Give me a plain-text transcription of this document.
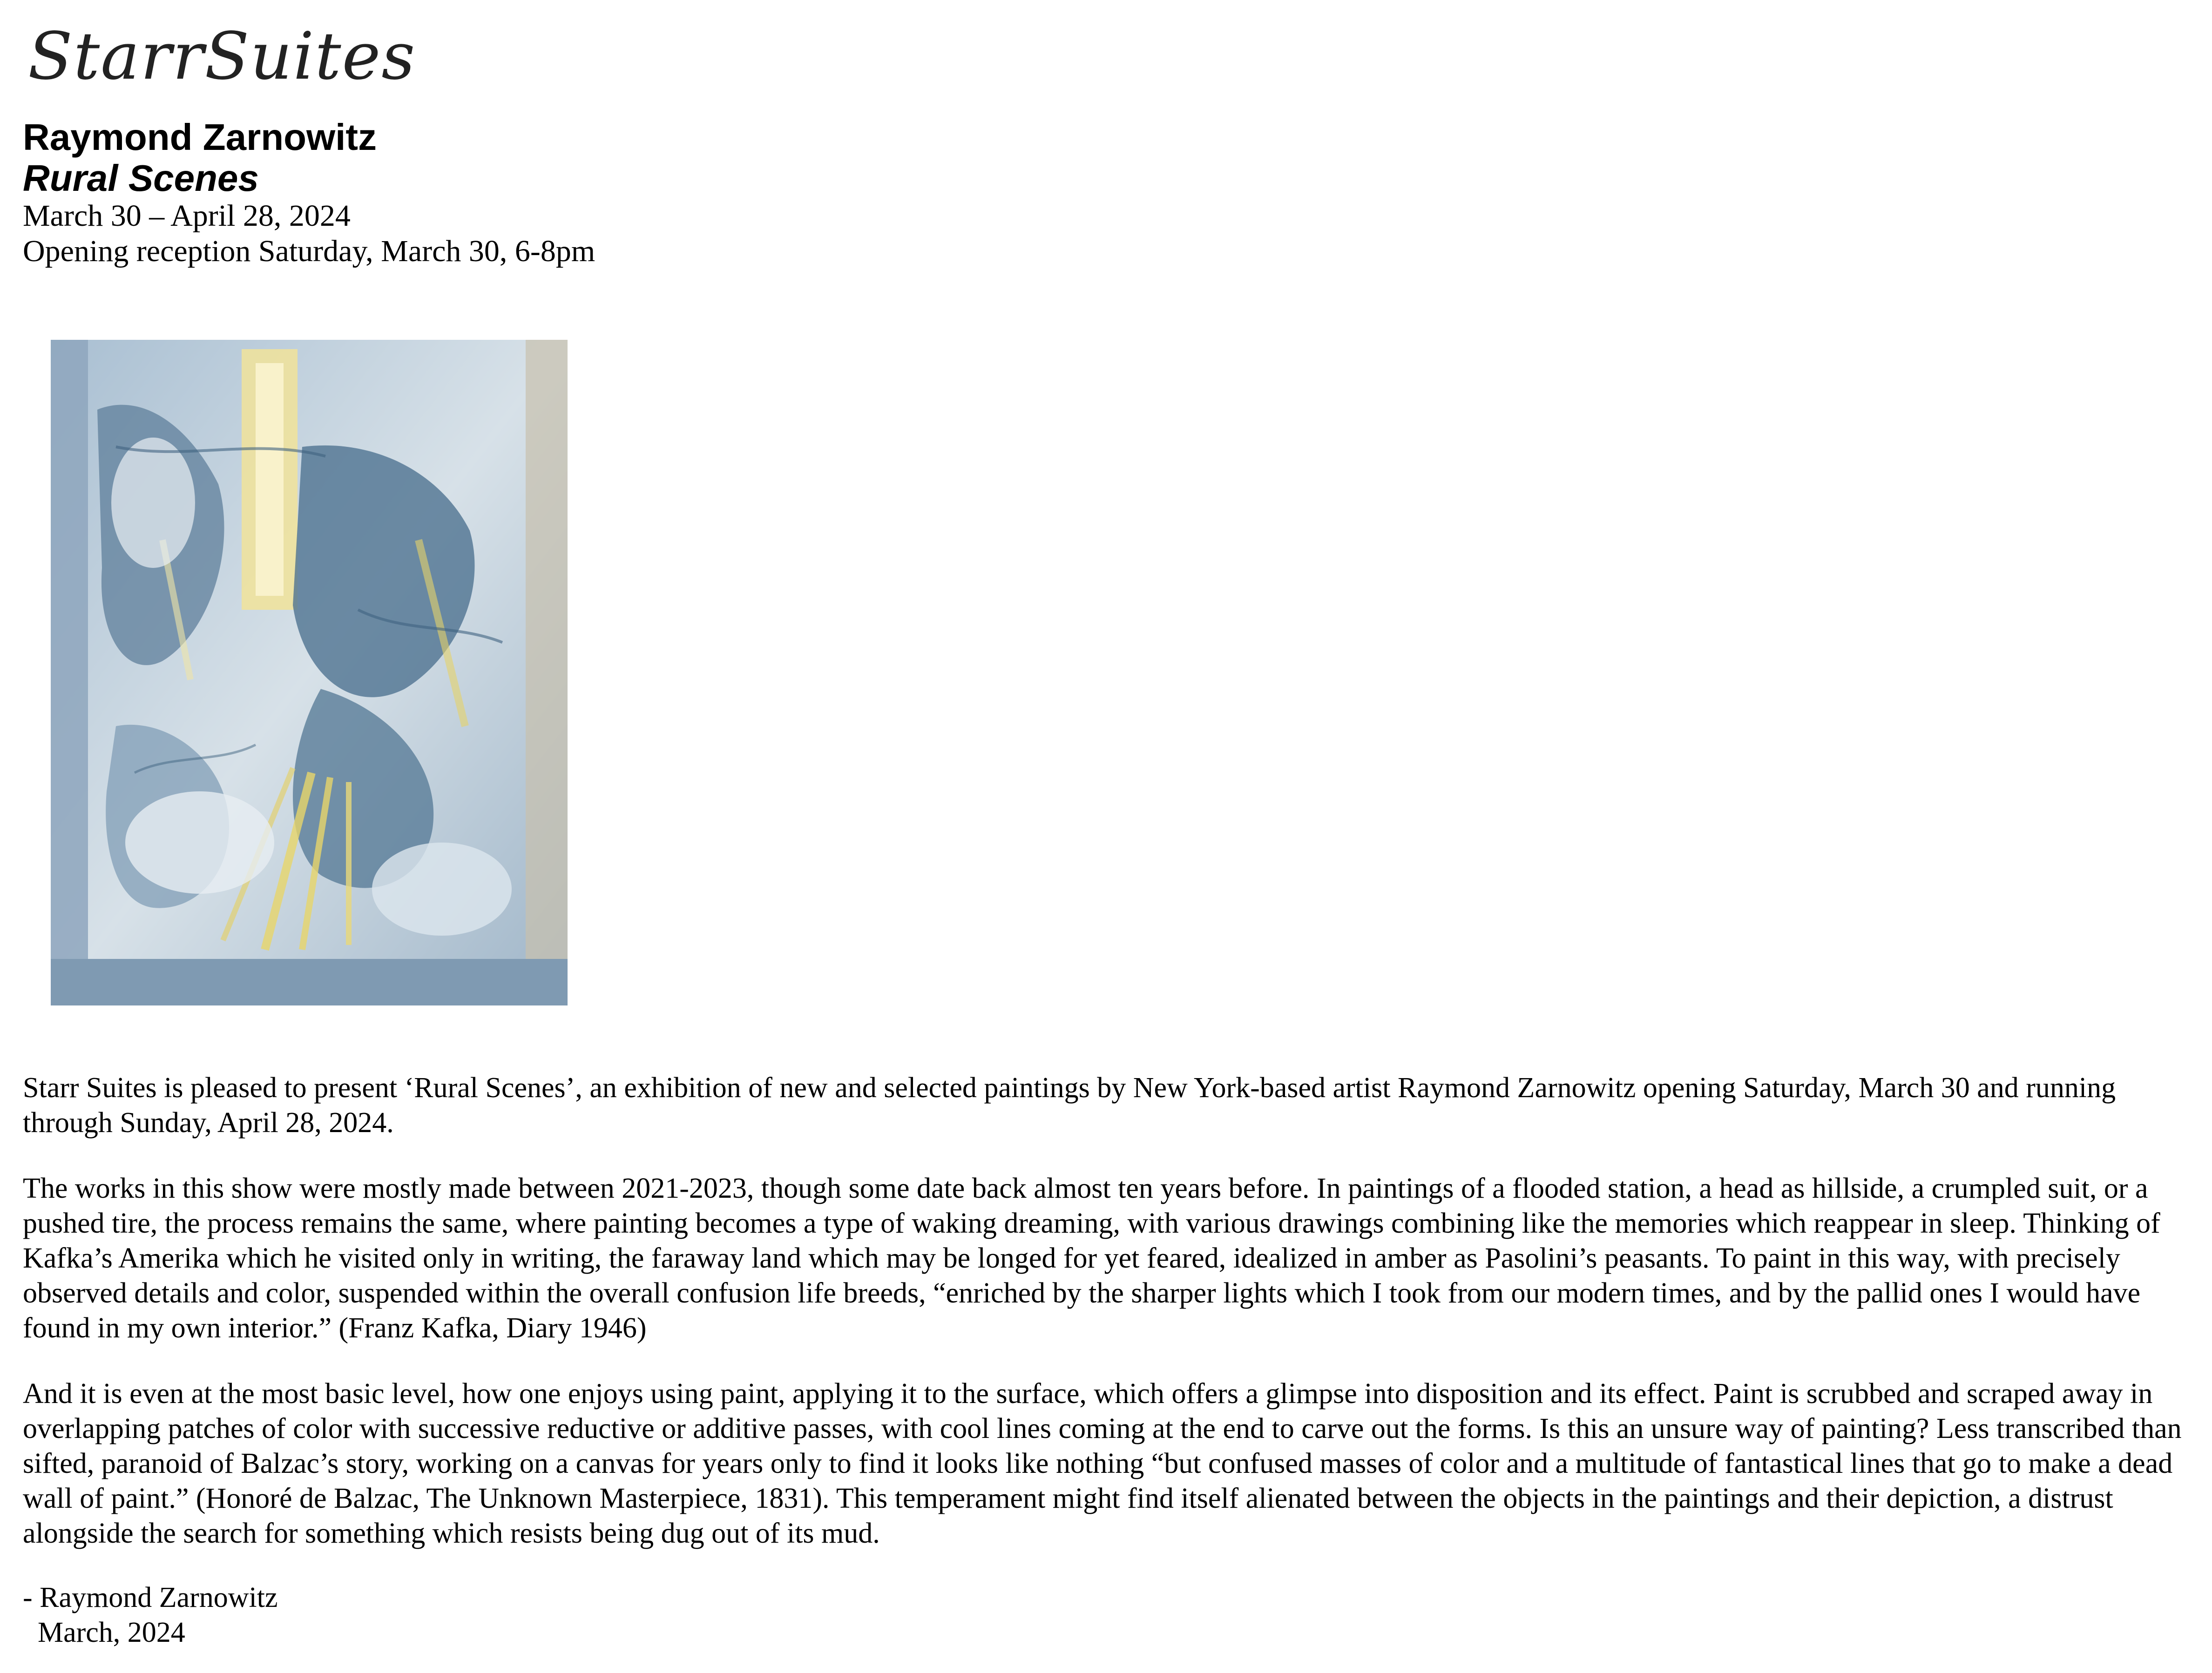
StarrSuites
Raymond Zarnowitz
Rural Scenes
March 30 – April 28, 2024
Opening reception Saturday, March 30, 6-8pm

Starr Suites is pleased to present ‘Rural Scenes’, an exhibition of new and selected paintings by New York-based artist Raymond Zarnowitz opening Saturday, March 30 and running through Sunday, April 28, 2024.

The works in this show were mostly made between 2021-2023, though some date back almost ten years before. In paintings of a flooded station, a head as hillside, a crumpled suit, or a pushed tire, the process remains the same, where painting becomes a type of waking dreaming, with various drawings combining like the memories which reappear in sleep. Thinking of Kafka’s Amerika which he visited only in writing, the faraway land which may be longed for yet feared, idealized in amber as Pasolini’s peasants. To paint in this way, with precisely observed details and color, suspended within the overall confusion life breeds, “enriched by the sharper lights which I took from our modern times, and by the pallid ones I would have found in my own interior.” (Franz Kafka, Diary 1946)

And it is even at the most basic level, how one enjoys using paint, applying it to the surface, which offers a glimpse into disposition and its effect. Paint is scrubbed and scraped away in overlapping patches of color with successive reductive or additive passes, with cool lines coming at the end to carve out the forms. Is this an unsure way of painting? Less transcribed than sifted, paranoid of Balzac’s story, working on a canvas for years only to find it looks like nothing “but confused masses of color and a multitude of fantastical lines that go to make a dead wall of paint.” (Honoré de Balzac, The Unknown Masterpiece, 1831). This temperament might find itself alienated between the objects in the paintings and their depiction, a distrust alongside the search for something which resists being dug out of its mud.

- Raymond Zarnowitz
March, 2024
